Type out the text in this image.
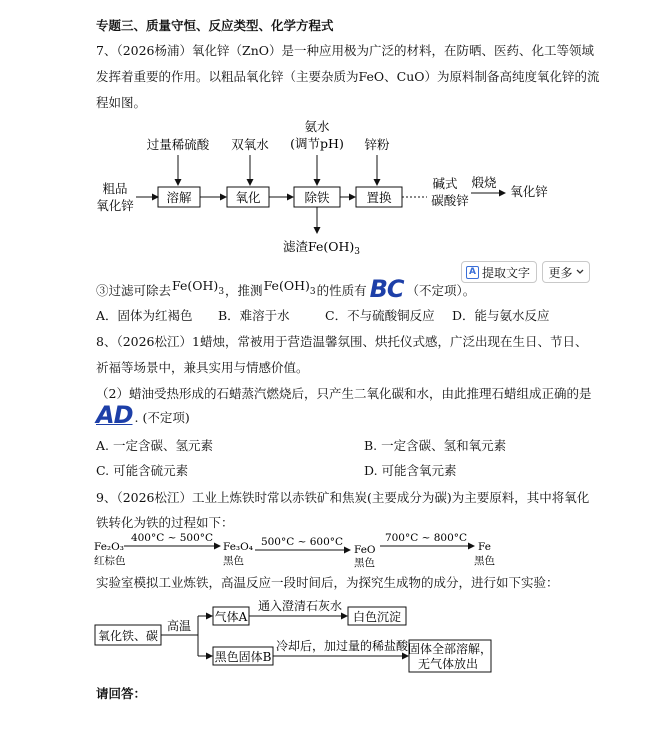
专题三、质量守恒、反应类型、化学方程式
7、（2026杨浦）氧化锌（ZnO）是一种应用极为广泛的材料，在防晒、医药、化工等领域
发挥着重要的作用。以粗品氧化锌（主要杂质为FeO、CuO）为原料制备高纯度氧化锌的流
程如图。
粗品
氧化锌
过量稀硫酸 双氧水
氨水
(调节pH) 锌粉
溶解	氧化	除铁	置换
碱式
碳酸锌
煅烧
氧化锌
滤渣$Fe(OH)_3$
A 提取文字 更多
③过滤可除去 $Fe(OH)_3$ ，推测 $Fe(OH)_3$ 的性质有 BC （不定项）。
A．固体为红褐色 B．难溶于水	C．不与硫酸铜反应 D．能与氨水反应
8、（2026松江）1蜡烛，常被用于营造温馨氛围、烘托仪式感，广泛出现在生日、节日、
祈福等场景中，兼具实用与情感价值。
（2）蜡油受热形成的石蜡蒸汽燃烧后，只产生二氧化碳和水，由此推理石蜡组成正确的是
AD . (不定项)
A. 一定含碳、氢元素	B. 一定含碳、氢和氧元素
C. 可能含硫元素	D. 可能含氧元素
9、（2026松江）工业上炼铁时常以赤铁矿和焦炭(主要成分为碳)为主要原料，其中将氧化
铁转化为铁的过程如下：
Fe₂O₃
红棕色
400°C ~ 500°C
Fe₃O₄
黑色
500°C ~ 600°C
FeO
黑色
700°C ~ 800°C
Fe
黑色
实验室模拟工业炼铁，高温反应一段时间后，为探究生成物的成分，进行如下实验：
氧化铁、碳
高温
气体A
通入澄清石灰水
白色沉淀
黑色固体B
冷却后，加过量的稀盐酸 固体全部溶解，
无气体放出
请回答：
